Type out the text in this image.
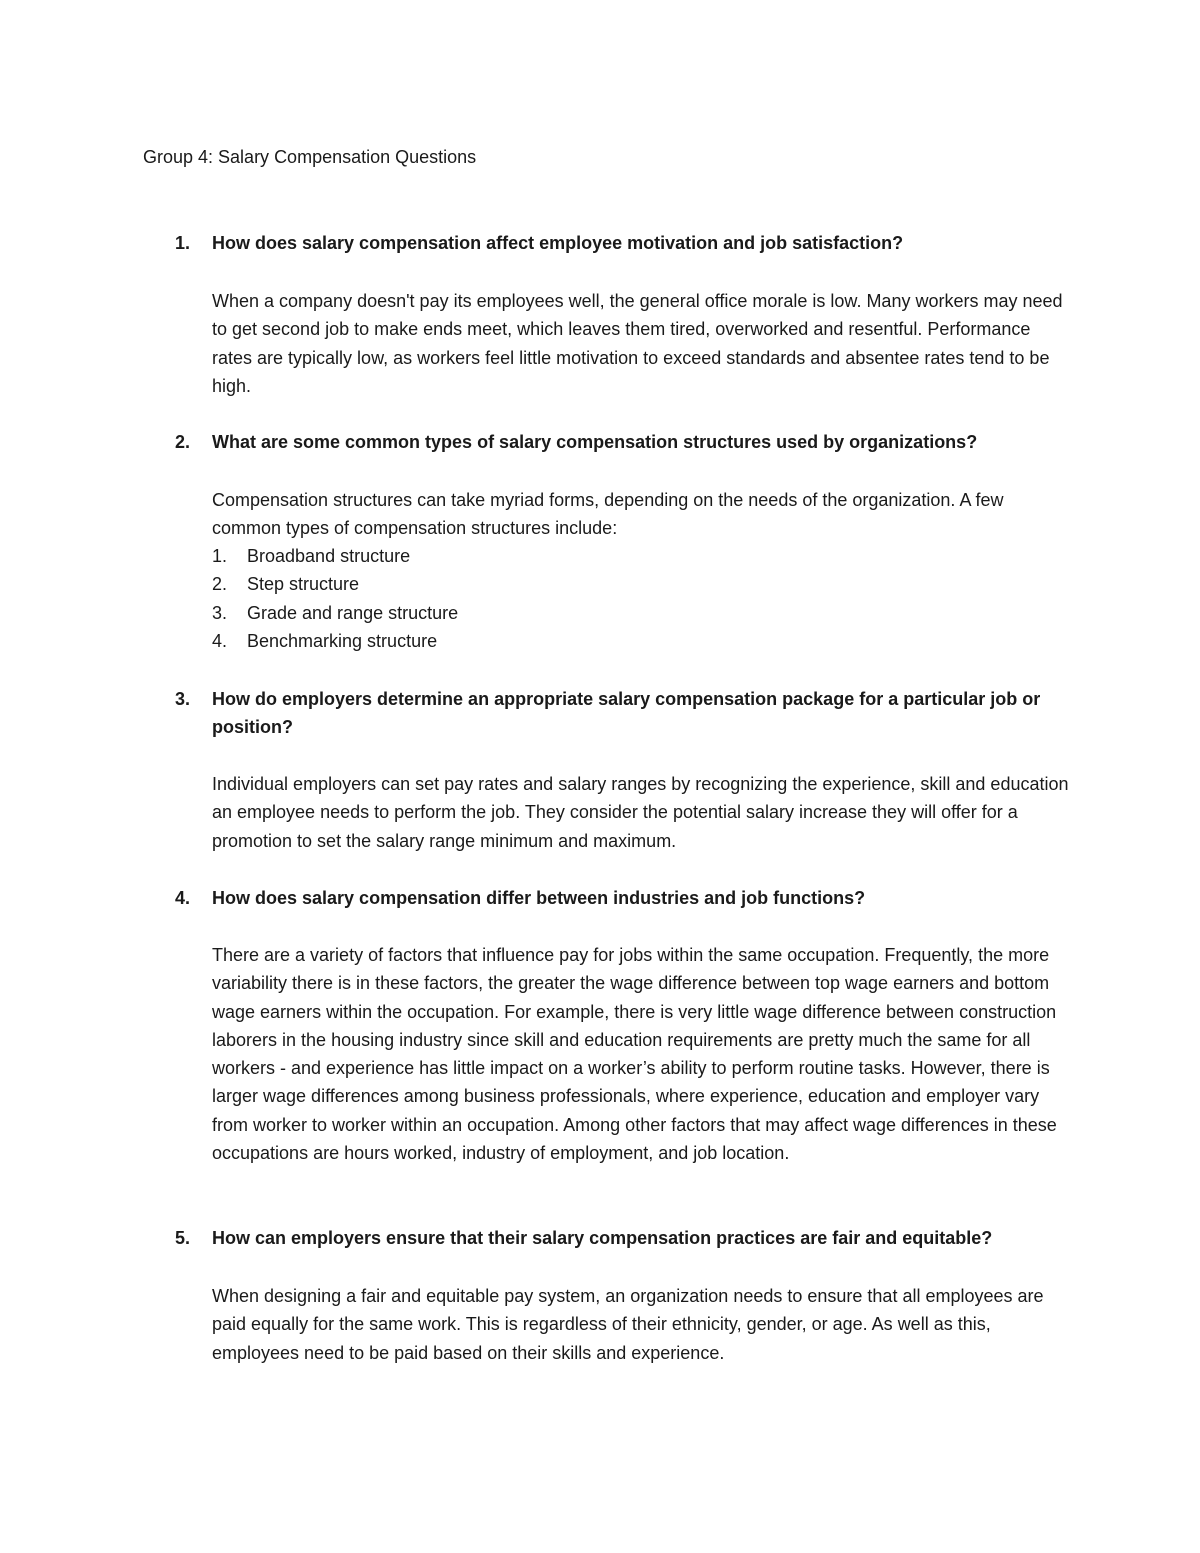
Group 4: Salary Compensation Questions
1. How does salary compensation affect employee motivation and job satisfaction?
When a company doesn't pay its employees well, the general office morale is low. Many workers may need to get second job to make ends meet, which leaves them tired, overworked and resentful. Performance rates are typically low, as workers feel little motivation to exceed standards and absentee rates tend to be high.
2. What are some common types of salary compensation structures used by organizations?
Compensation structures can take myriad forms, depending on the needs of the organization. A few common types of compensation structures include:
1. Broadband structure
2. Step structure
3. Grade and range structure
4. Benchmarking structure
3. How do employers determine an appropriate salary compensation package for a particular job or position?
Individual employers can set pay rates and salary ranges by recognizing the experience, skill and education an employee needs to perform the job. They consider the potential salary increase they will offer for a promotion to set the salary range minimum and maximum.
4. How does salary compensation differ between industries and job functions?
There are a variety of factors that influence pay for jobs within the same occupation. Frequently, the more variability there is in these factors, the greater the wage difference between top wage earners and bottom wage earners within the occupation. For example, there is very little wage difference between construction laborers in the housing industry since skill and education requirements are pretty much the same for all workers - and experience has little impact on a worker’s ability to perform routine tasks. However, there is larger wage differences among business professionals, where experience, education and employer vary from worker to worker within an occupation. Among other factors that may affect wage differences in these occupations are hours worked, industry of employment, and job location.
5. How can employers ensure that their salary compensation practices are fair and equitable?
When designing a fair and equitable pay system, an organization needs to ensure that all employees are paid equally for the same work. This is regardless of their ethnicity, gender, or age. As well as this, employees need to be paid based on their skills and experience.
